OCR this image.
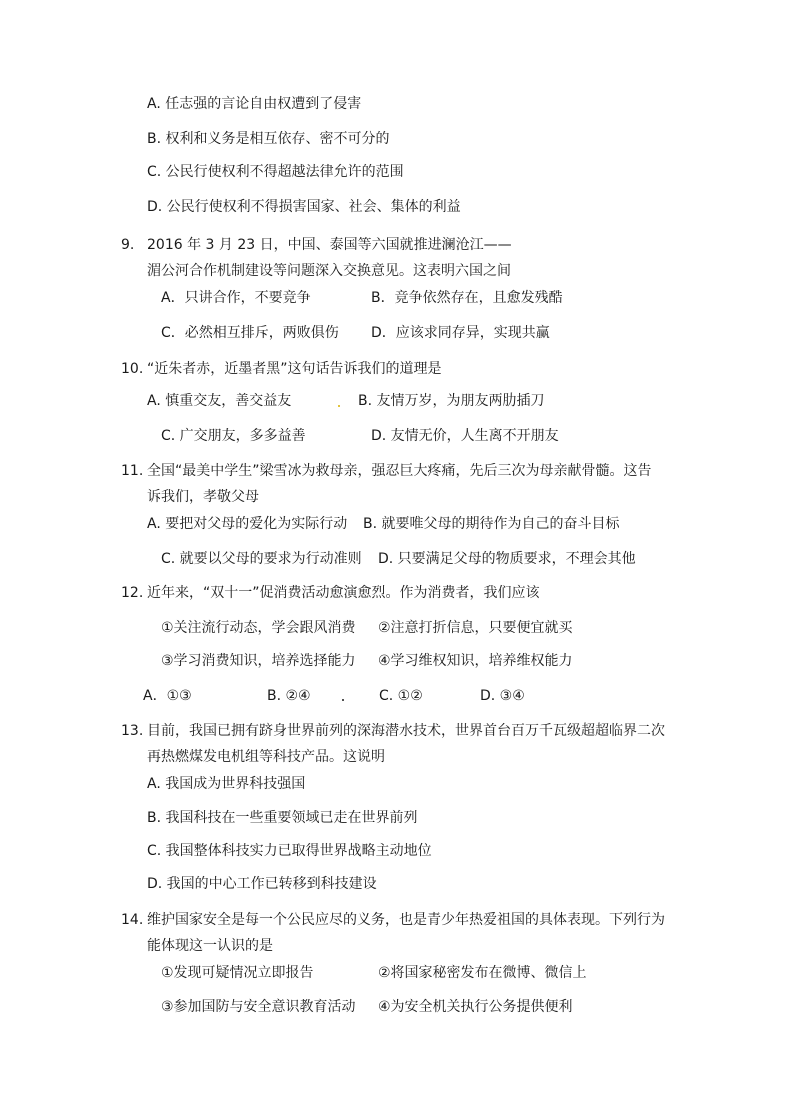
A. 任志强的言论自由权遭到了侵害
B. 权利和义务是相互依存、密不可分的
C. 公民行使权利不得超越法律允许的范围
D. 公民行使权利不得损害国家、社会、集体的利益
9. 2016 年 3 月 23 日，中国、泰国等六国就推进澜沧江——
湄公河合作机制建设等问题深入交换意见。这表明六国之间
A．只讲合作，不要竞争	B．竞争依然存在，且愈发残酷
C．必然相互排斥，两败俱伤 D．应该求同存异，实现共赢
10. “近朱者赤，近墨者黑”这句话告诉我们的道理是
A. 慎重交友，善交益友	B. 友情万岁，为朋友两肋插刀
C. 广交朋友，多多益善	D. 友情无价，人生离不开朋友
11. 全国“最美中学生”梁雪冰为救母亲，强忍巨大疼痛，先后三次为母亲献骨髓。这告
诉我们，孝敬父母
A. 要把对父母的爱化为实际行动 B. 就要唯父母的期待作为自己的奋斗目标
C. 就要以父母的要求为行动准则 D. 只要满足父母的物质要求，不理会其他
12. 近年来，“双十一”促消费活动愈演愈烈。作为消费者，我们应该
①关注流行动态，学会跟风消费 ②注意打折信息，只要便宜就买
③学习消费知识，培养选择能力 ④学习维权知识，培养维权能力
A．①③	B. ②④	C. ①②	D. ③④
13. 目前，我国已拥有跻身世界前列的深海潜水技术，世界首台百万千瓦级超超临界二次
再热燃煤发电机组等科技产品。这说明
A. 我国成为世界科技强国
B. 我国科技在一些重要领域已走在世界前列
C. 我国整体科技实力已取得世界战略主动地位
D. 我国的中心工作已转移到科技建设
14. 维护国家安全是每一个公民应尽的义务，也是青少年热爱祖国的具体表现。下列行为
能体现这一认识的是
①发现可疑情况立即报告	②将国家秘密发布在微博、微信上
③参加国防与安全意识教育活动 ④为安全机关执行公务提供便利
